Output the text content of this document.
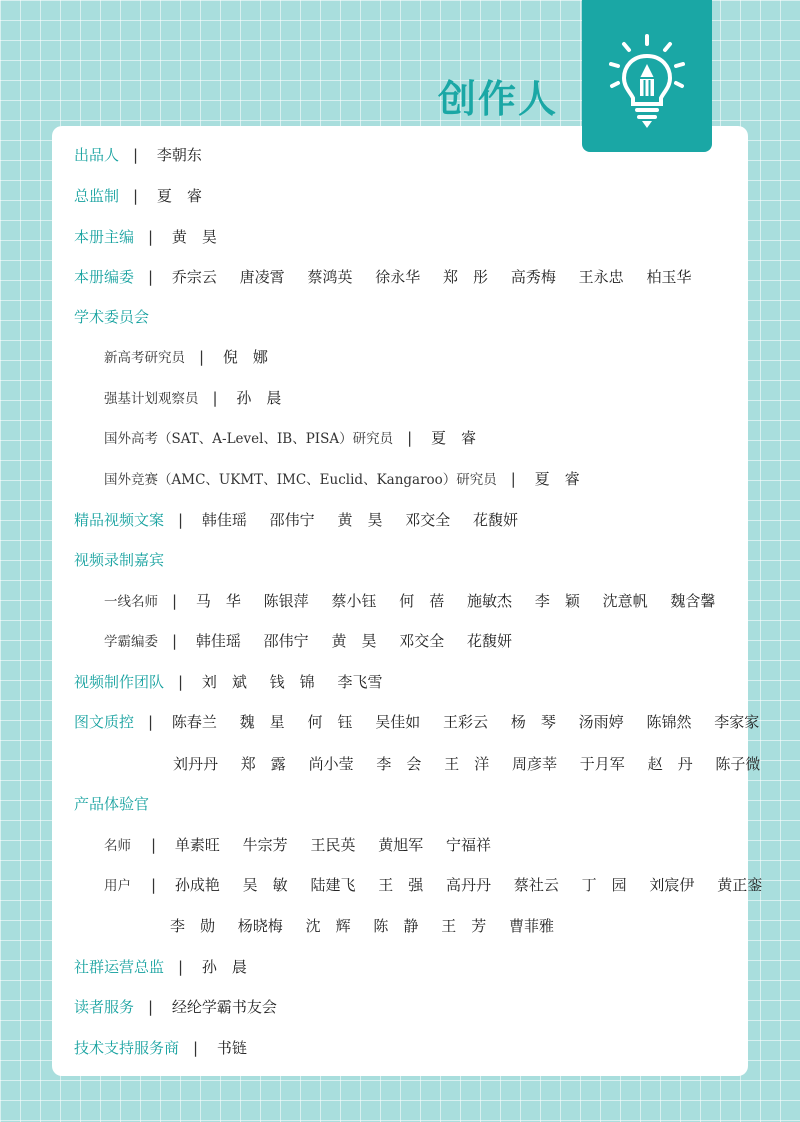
创作人
出品人 | 李朝东
总监制 | 夏　睿
本册主编 | 黄　昊
本册编委 | 乔宗云 唐凌霄 蔡鸿英 徐永华 郑　彤 高秀梅 王永忠 柏玉华
学术委员会
新高考研究员 | 倪　娜
强基计划观察员 | 孙　晨
国外高考（SAT、A-Level、IB、PISA）研究员 | 夏　睿
国外竞赛（AMC、UKMT、IMC、Euclid、Kangaroo）研究员 | 夏　睿
精品视频文案 | 韩佳瑶 邵伟宁 黄　昊 邓交全 花馥妍
视频录制嘉宾
一线名师 | 马　华 陈银萍 蔡小钰 何　蓓 施敏杰 李　颖 沈意帆 魏含馨
学霸编委 | 韩佳瑶 邵伟宁 黄　昊 邓交全 花馥妍
视频制作团队 | 刘　斌 钱　锦 李飞雪
图文质控 | 陈春兰 魏　星 何　钰 吴佳如 王彩云 杨　琴 汤雨婷 陈锦然 李家家
刘丹丹 郑　露 尚小莹 李　会 王　洋 周彦莘 于月军 赵　丹 陈子微
产品体验官
名师 | 单素旺 牛宗芳 王民英 黄旭军 宁福祥
用户 | 孙成艳 吴　敏 陆建飞 王　强 高丹丹 蔡社云 丁　园 刘宸伊 黄正銮
李　勋 杨晓梅 沈　辉 陈　静 王　芳 曹菲雅
社群运营总监 | 孙　晨
读者服务 | 经纶学霸书友会
技术支持服务商 | 书链
